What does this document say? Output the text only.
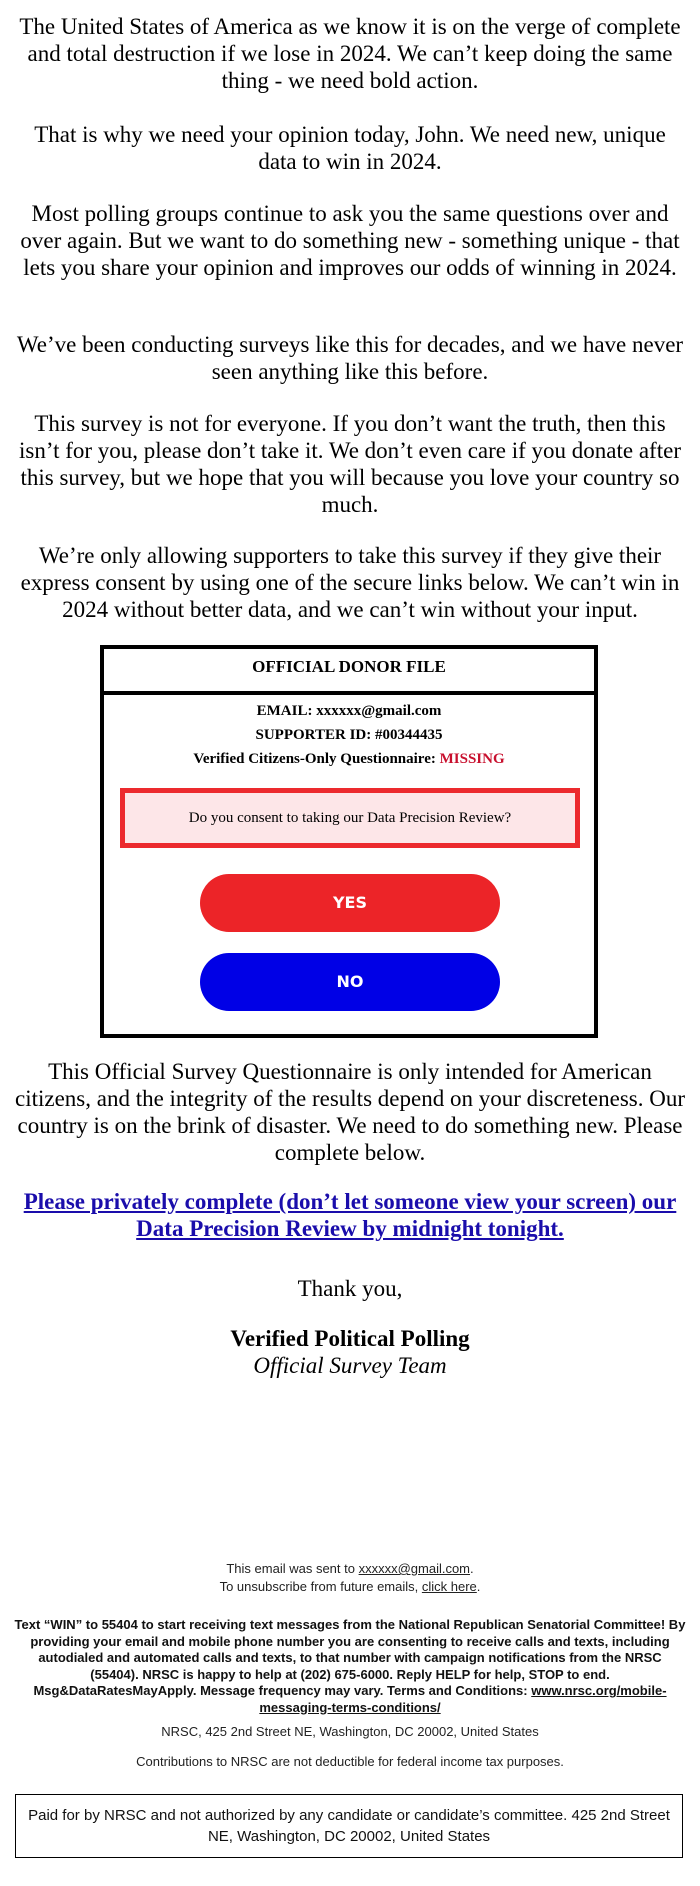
The United States of America as we know it is on the verge of complete and total destruction if we lose in 2024. We can’t keep doing the same thing - we need bold action.

That is why we need your opinion today, John. We need new, unique data to win in 2024.

Most polling groups continue to ask you the same questions over and over again. But we want to do something new - something unique - that lets you share your opinion and improves our odds of winning in 2024.

We’ve been conducting surveys like this for decades, and we have never seen anything like this before.

This survey is not for everyone. If you don’t want the truth, then this isn’t for you, please don’t take it. We don’t even care if you donate after this survey, but we hope that you will because you love your country so much.

We’re only allowing supporters to take this survey if they give their express consent by using one of the secure links below. We can’t win in 2024 without better data, and we can’t win without your input.

OFFICIAL DONOR FILE
EMAIL: xxxxxx@gmail.com
SUPPORTER ID: #00344435
Verified Citizens-Only Questionnaire: MISSING
Do you consent to taking our Data Precision Review?
YES
NO

This Official Survey Questionnaire is only intended for American citizens, and the integrity of the results depend on your discreteness. Our country is on the brink of disaster. We need to do something new. Please complete below.

Please privately complete (don’t let someone view your screen) our Data Precision Review by midnight tonight.
Thank you,
Verified Political Polling
Official Survey Team
This email was sent to xxxxxx@gmail.com.
To unsubscribe from future emails, click here.
Text “WIN” to 55404 to start receiving text messages from the National Republican Senatorial Committee! By providing your email and mobile phone number you are consenting to receive calls and texts, including autodialed and automated calls and texts, to that number with campaign notifications from the NRSC (55404). NRSC is happy to help at (202) 675-6000. Reply HELP for help, STOP to end. Msg&DataRatesMayApply. Message frequency may vary. Terms and Conditions: www.nrsc.org/mobile-messaging-terms-conditions/
NRSC, 425 2nd Street NE, Washington, DC 20002, United States
Contributions to NRSC are not deductible for federal income tax purposes.
Paid for by NRSC and not authorized by any candidate or candidate’s committee. 425 2nd Street NE, Washington, DC 20002, United States
